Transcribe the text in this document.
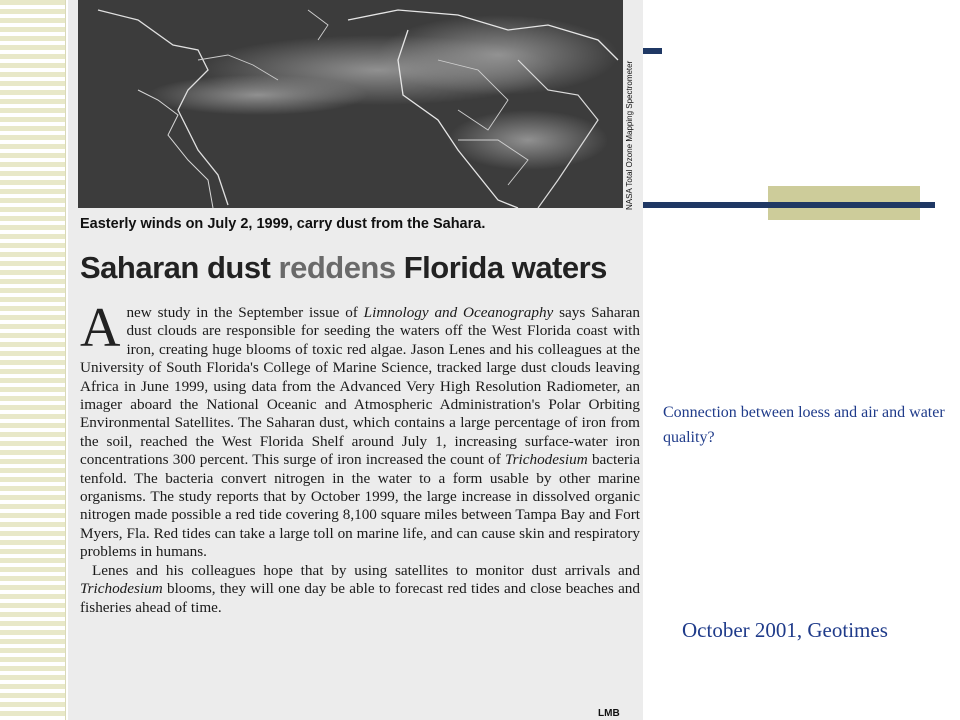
NASA Total Ozone Mapping Spectrometer
Easterly winds on July 2, 1999, carry dust from the Sahara.
Saharan dust reddens Florida waters

Anew study in the September issue of Limnology and Oceanography says Saharan dust clouds are responsible for seeding the waters off the West Florida coast with iron, creating huge blooms of toxic red algae. Jason Lenes and his colleagues at the University of South Florida's College of Marine Science, tracked large dust clouds leaving Africa in June 1999, using data from the Advanced Very High Resolution Radiometer, an imager aboard the National Oceanic and Atmospheric Administration's Polar Orbiting Environmental Satellites. The Saharan dust, which contains a large percentage of iron from the soil, reached the West Florida Shelf around July 1, increasing surface-water iron concentrations 300 percent. This surge of iron increased the count of Trichodesium bacteria tenfold. The bacteria convert nitrogen in the water to a form usable by other marine organisms. The study reports that by October 1999, the large increase in dissolved organic nitrogen made possible a red tide covering 8,100 square miles between Tampa Bay and Fort Myers, Fla. Red tides can take a large toll on marine life, and can cause skin and respiratory problems in humans.

Lenes and his colleagues hope that by using satellites to monitor dust arrivals and Trichodesium blooms, they will one day be able to forecast red tides and close beaches and fisheries ahead of time.

LMB
Connection between loess and air and water quality?
October 2001, Geotimes
